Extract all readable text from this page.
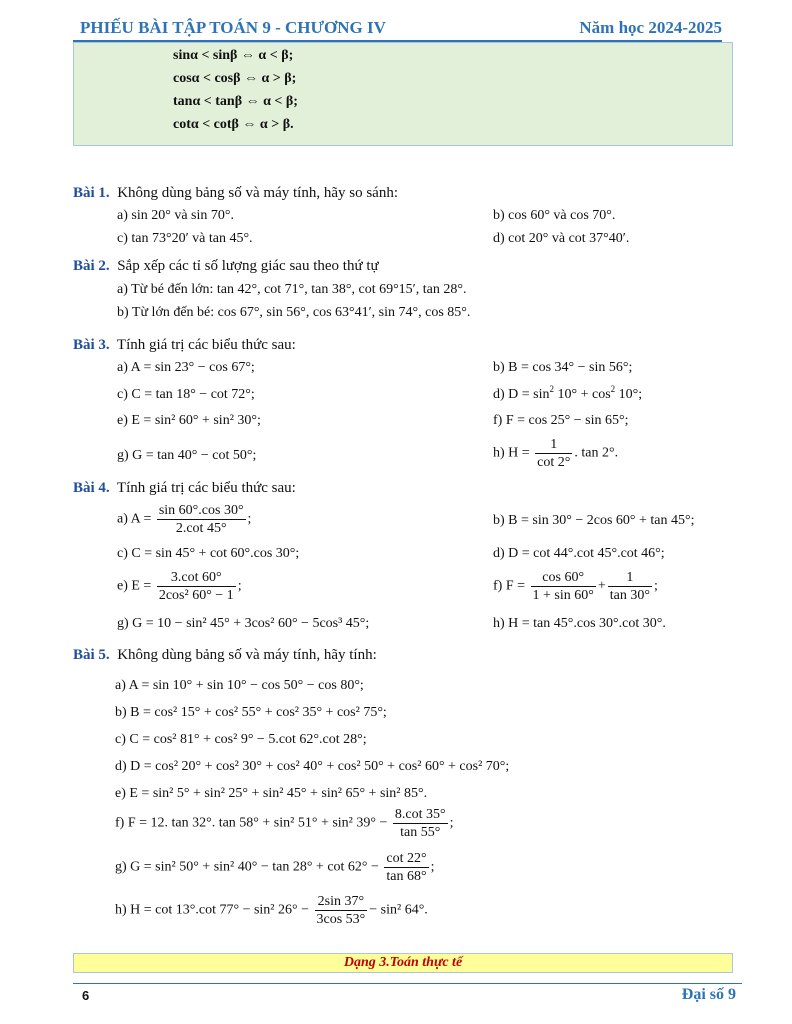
PHIẾU BÀI TẬP TOÁN 9 - CHƯƠNG IV	Năm học 2024-2025
sinα < sinβ ⇔ α < β;
cosα < cosβ ⇔ α > β;
tanα < tanβ ⇔ α < β;
cotα < cotβ ⇔ α > β.
Bài 1. Không dùng bảng số và máy tính, hãy so sánh:
a) sin 20° và sin 70°.	b) cos 60° và cos 70°.
c) tan 73°20′ và tan 45°.	d) cot 20° và cot 37°40′.
Bài 2. Sắp xếp các tỉ số lượng giác sau theo thứ tự
a) Từ bé đến lớn: tan 42°, cot 71°, tan 38°, cot 69°15′, tan 28°.
b) Từ lớn đến bé: cos 67°, sin 56°, cos 63°41′, sin 74°, cos 85°.
Bài 3. Tính giá trị các biểu thức sau:
a) A = sin 23° − cos 67°;	b) B = cos 34° − sin 56°;
c) C = tan 18° − cot 72°;	d) $D = \sin^2 10^\circ + \cos^2 10^\circ$;
e) E = sin² 60° + sin² 30°;	f) F = cos 25° − sin 65°;
g) G = tan 40° − cot 50°;	h) $H = \frac{1}{\cot 2^\circ}$ . tan 2°.
Bài 4. Tính giá trị các biểu thức sau:
a) $A = \frac{\sin 60^\circ.\cos 30^\circ}{2.\cot 45^\circ}$ ;	b) B = sin 30° − 2cos 60° + tan 45°;
c) C = sin 45° + cot 60°.cos 30°;	d) D = cot 44°.cot 45°.cot 46°;
e) $E = \frac{3.\cot 60^\circ}{\text{2cos² 60° − 1}}$ ;	f) $F = \frac{\cos 60^\circ}{1 + \sin 60^\circ} + \frac{1}{\tan 30^\circ}$ ;
g) G = 10 − sin² 45° + 3cos² 60° − 5cos³ 45°;	h) H = tan 45°.cos 30°.cot 30°.
Bài 5. Không dùng bảng số và máy tính, hãy tính:
a) A = sin 10° + sin 10° − cos 50° − cos 80°;
b) B = cos² 15° + cos² 55° + cos² 35° + cos² 75°;
c) C = cos² 81° + cos² 9° − 5.cot 62°.cot 28°;
d) D = cos² 20° + cos² 30° + cos² 40° + cos² 50° + cos² 60° + cos² 70°;
e) E = sin² 5° + sin² 25° + sin² 45° + sin² 65° + sin² 85°.
f) F = 12. tan 32°. tan 58° + sin² 51° + sin² $39^\circ - \frac{8.\cot 35^\circ}{\tan 55^\circ}$ ;
g) G = sin² 50° + sin² $40^\circ - \tan 28^\circ + \cot 62^\circ - \frac{\cot 22^\circ}{\tan 68^\circ}$ ;
h) H = cot 13°.cot 77° − sin² $26^\circ - \frac{2\sin 37^\circ}{3\cos 53^\circ} - \sin^2$ 64°.
Dạng 3.Toán thực tế
6	Đại số 9
